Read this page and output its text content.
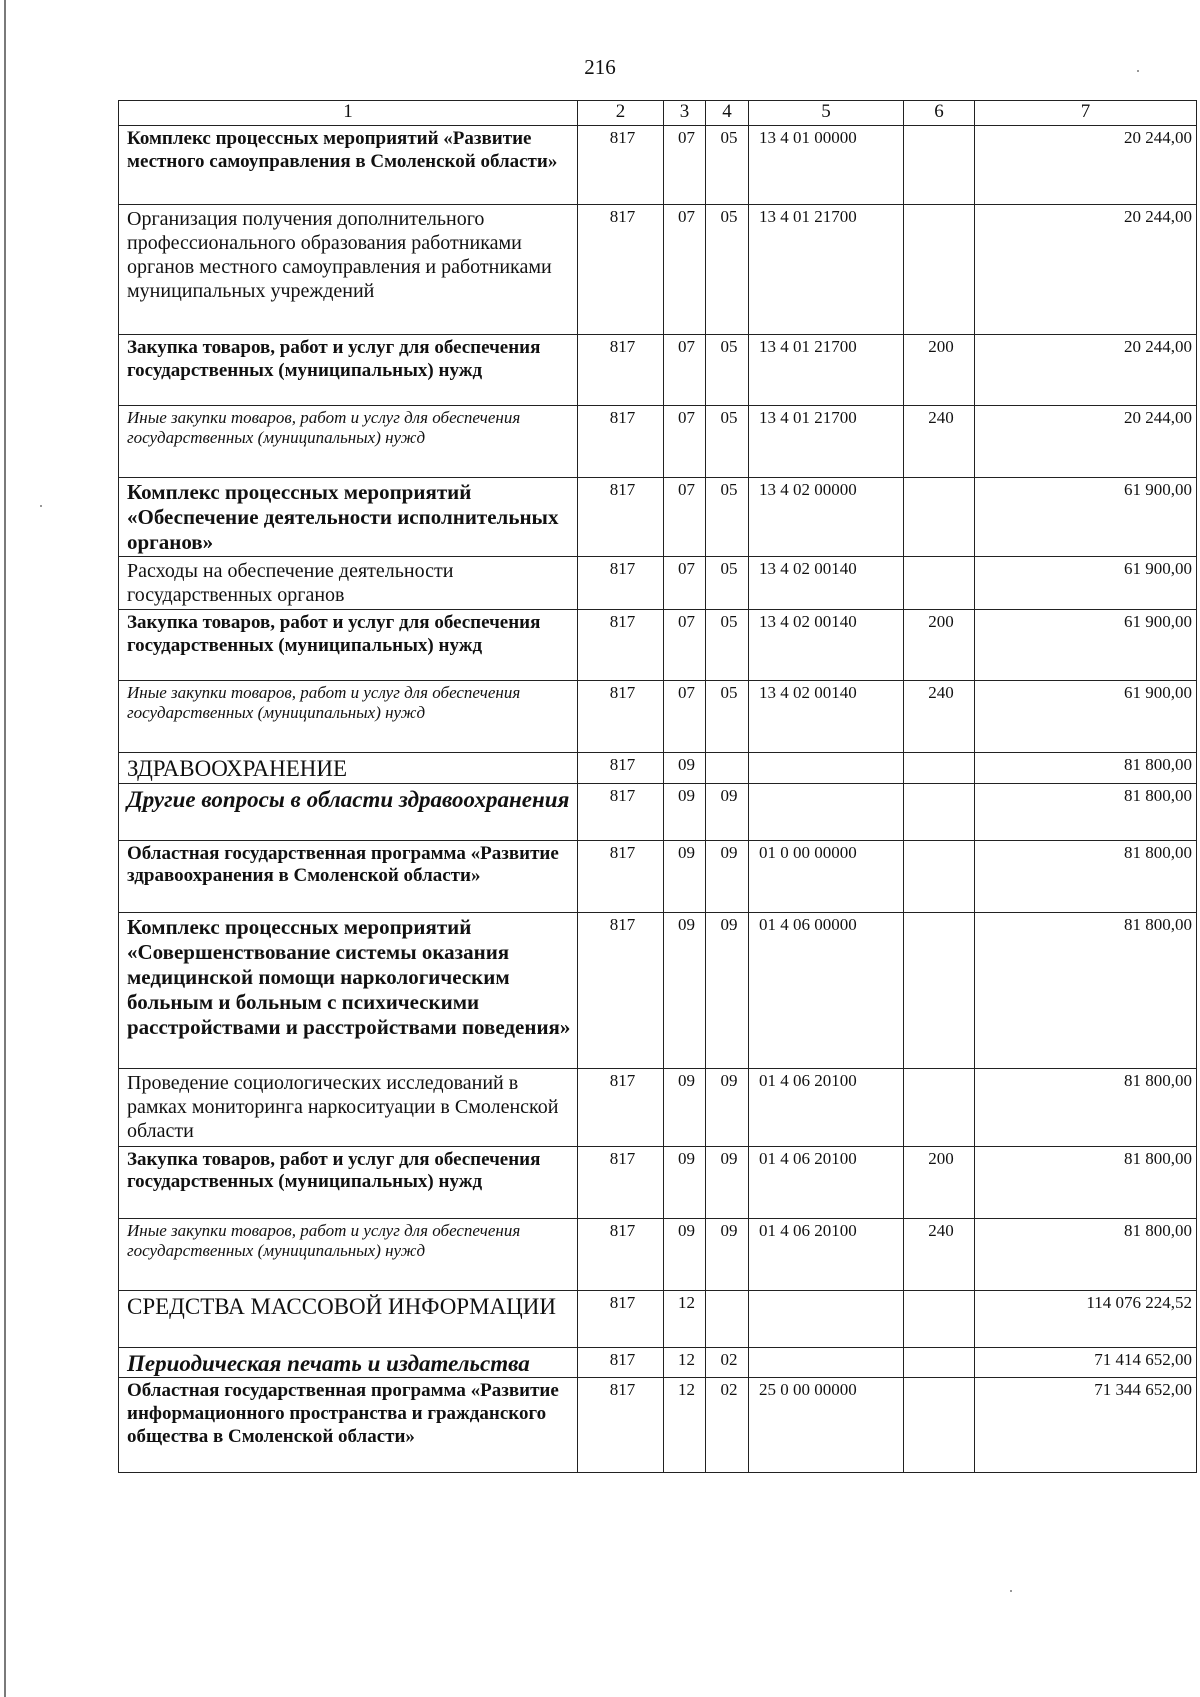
216
1	2	3	4	5	6	7
Комплекс процессных мероприятий «Развитие местного самоуправления в Смоленской области»	817	07	05	13 4 01 00000		20 244,00
Организация получения дополнительного профессионального образования работниками органов местного самоуправления и работниками муниципальных учреждений	817	07	05	13 4 01 21700		20 244,00
Закупка товаров, работ и услуг для обеспечения государственных (муниципальных) нужд	817	07	05	13 4 01 21700	200	20 244,00
Иные закупки товаров, работ и услуг для обеспечения государственных (муниципальных) нужд	817	07	05	13 4 01 21700	240	20 244,00
Комплекс процессных мероприятий «Обеспечение деятельности исполнительных органов»	817	07	05	13 4 02 00000		61 900,00
Расходы на обеспечение деятельности государственных органов	817	07	05	13 4 02 00140		61 900,00
Закупка товаров, работ и услуг для обеспечения государственных (муниципальных) нужд	817	07	05	13 4 02 00140	200	61 900,00
Иные закупки товаров, работ и услуг для обеспечения государственных (муниципальных) нужд	817	07	05	13 4 02 00140	240	61 900,00
ЗДРАВООХРАНЕНИЕ	817	09				81 800,00
Другие вопросы в области здравоохранения	817	09	09			81 800,00
Областная государственная программа «Развитие здравоохранения в Смоленской области»	817	09	09	01 0 00 00000		81 800,00
Комплекс процессных мероприятий «Совершенствование системы оказания медицинской помощи наркологическим больным и больным с психическими расстройствами и расстройствами поведения»	817	09	09	01 4 06 00000		81 800,00
Проведение социологических исследований в рамках мониторинга наркоситуации в Смоленской области	817	09	09	01 4 06 20100		81 800,00
Закупка товаров, работ и услуг для обеспечения государственных (муниципальных) нужд	817	09	09	01 4 06 20100	200	81 800,00
Иные закупки товаров, работ и услуг для обеспечения государственных (муниципальных) нужд	817	09	09	01 4 06 20100	240	81 800,00
СРЕДСТВА МАССОВОЙ ИНФОРМАЦИИ	817	12				114 076 224,52
Периодическая печать и издательства	817	12	02			71 414 652,00
Областная государственная программа «Развитие информационного пространства и гражданского общества в Смоленской области»	817	12	02	25 0 00 00000		71 344 652,00
